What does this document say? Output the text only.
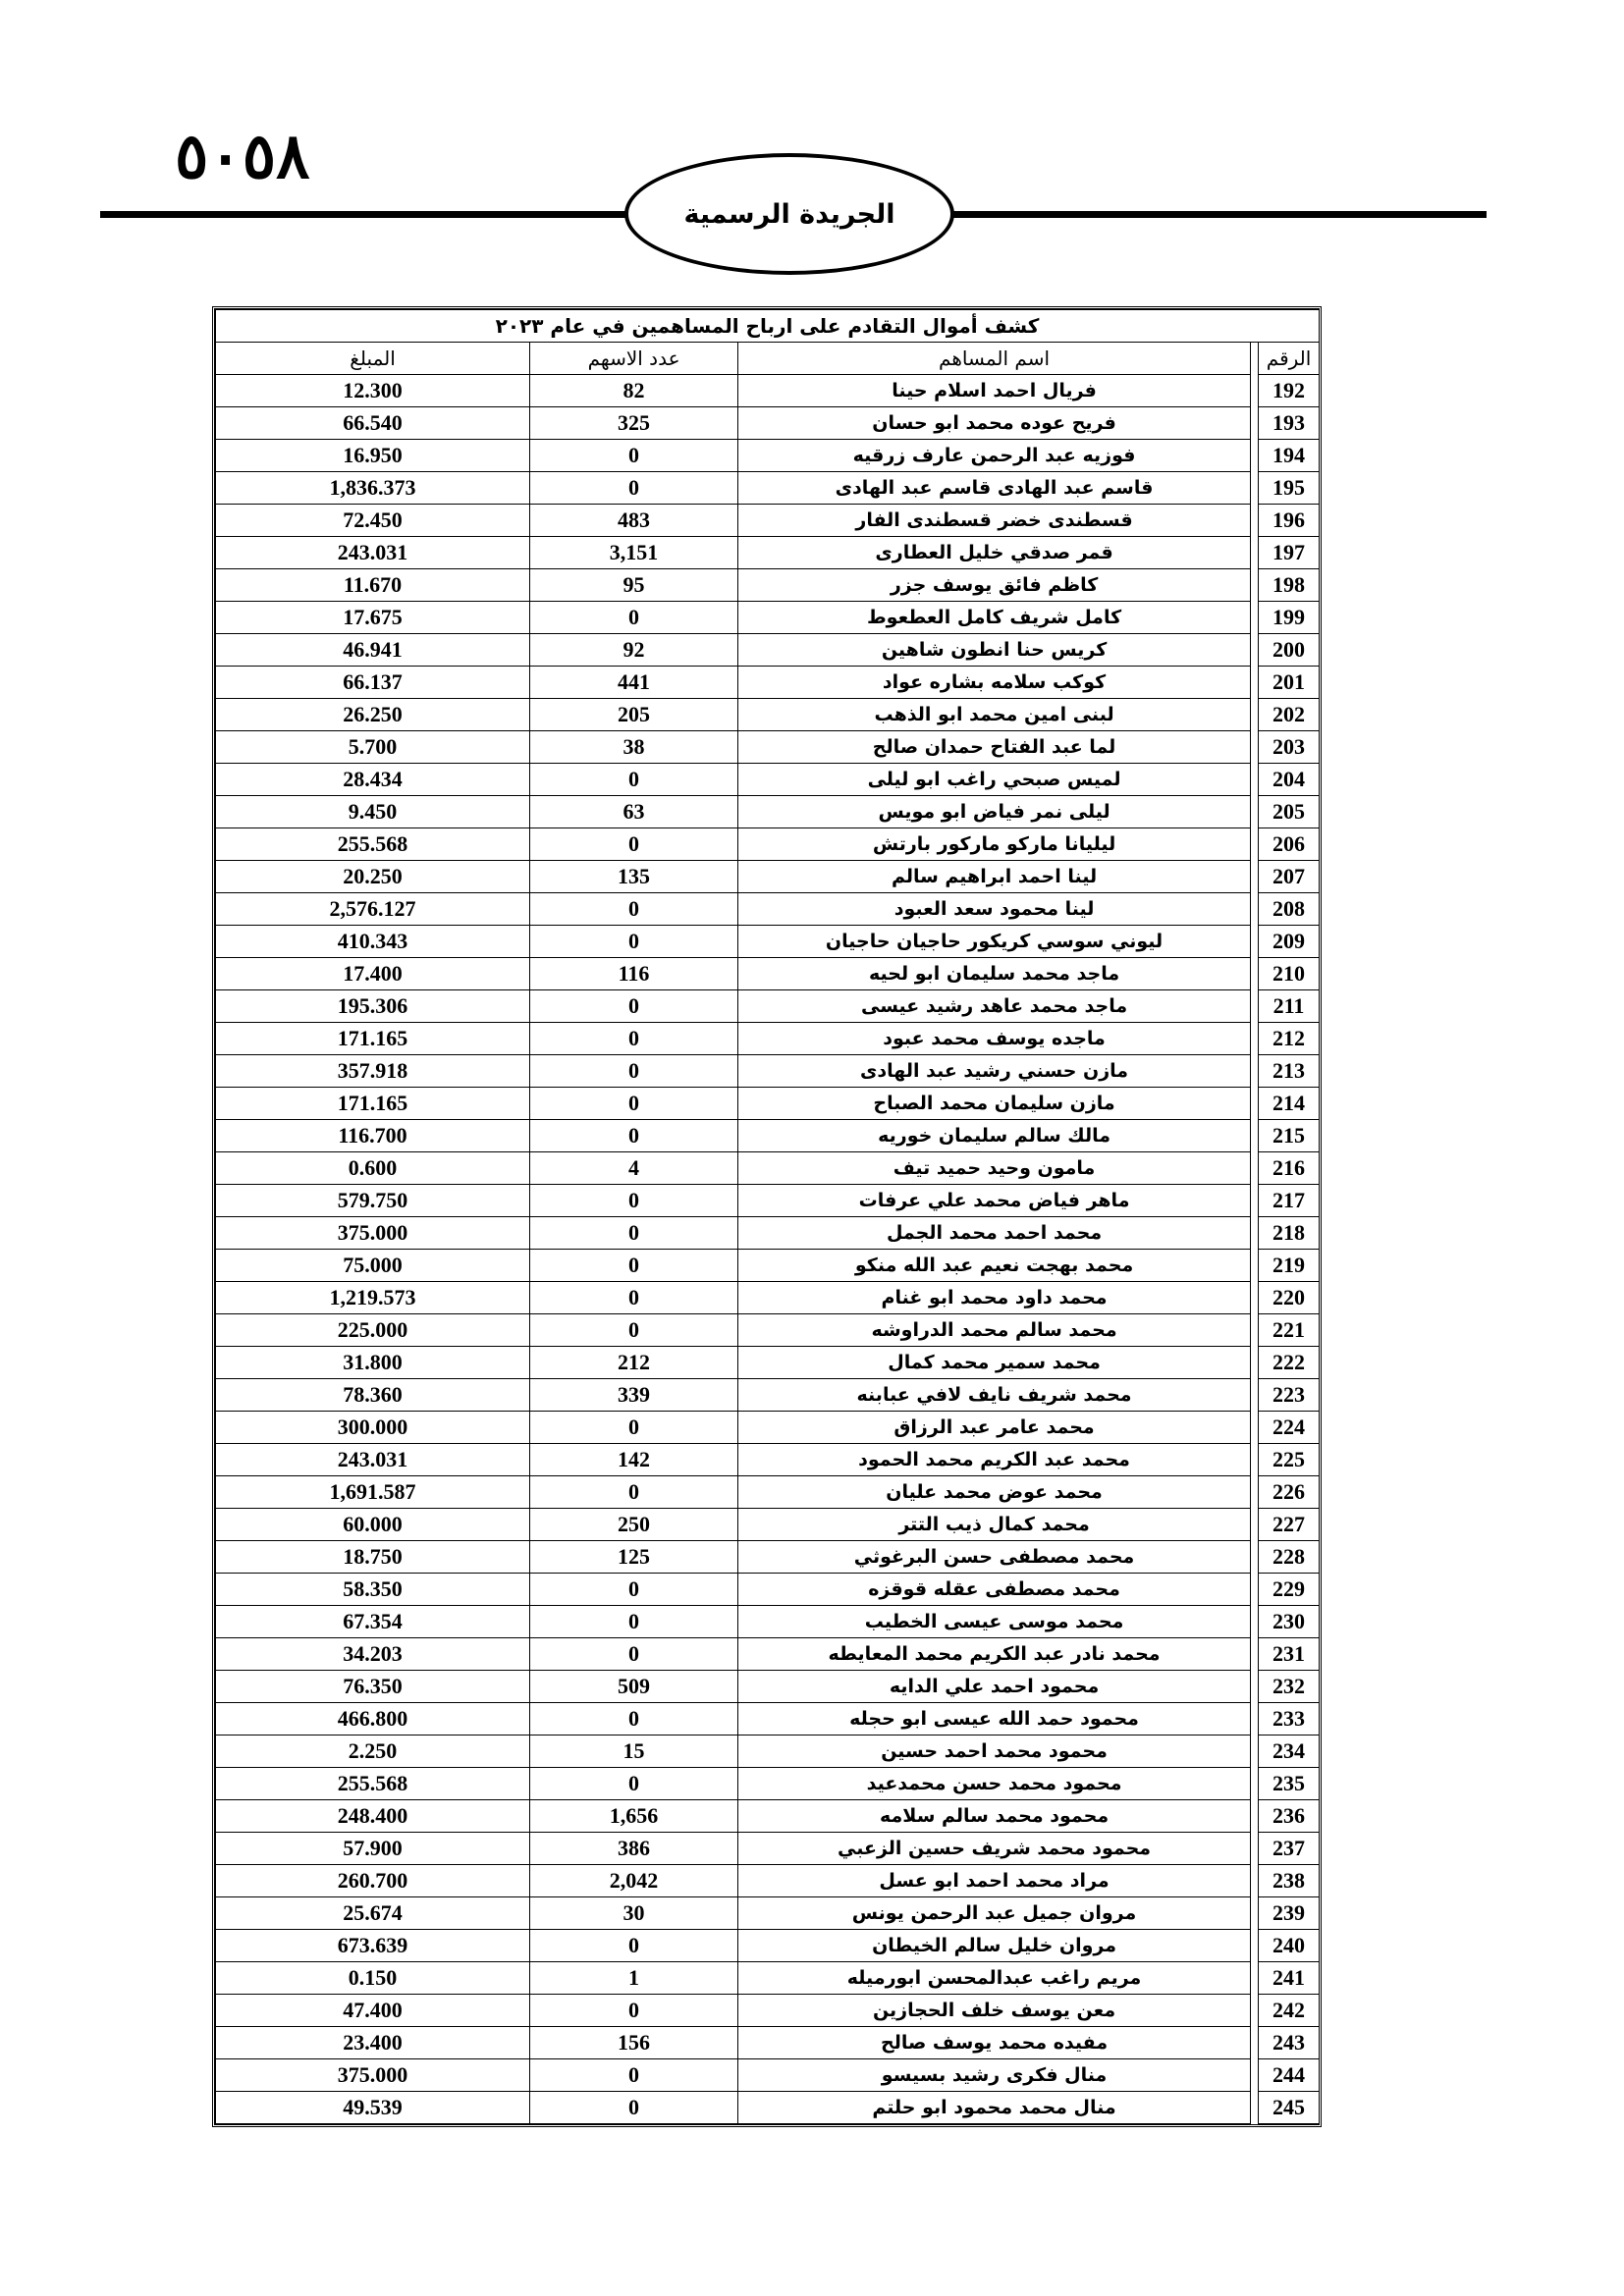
٥٠٥٨
الجريدة الرسمية
كشف أموال التقادم على ارباح المساهمين في عام ٢٠٢٣				
الرقم		اسم المساهم	عدد الاسهم	المبلغ
192		فريال احمد اسلام حينا	82	12.300
193		فريح عوده محمد ابو حسان	325	66.540
194		فوزيه عبد الرحمن عارف زرقيه	0	16.950
195		قاسم عبد الهادى قاسم عبد الهادى	0	1,836.373
196		قسطندى خضر قسطندى الفار	483	72.450
197		قمر صدقي خليل العطارى	3,151	243.031
198		كاظم فائق يوسف جزر	95	11.670
199		كامل شريف كامل العطعوط	0	17.675
200		كريس حنا انطون شاهين	92	46.941
201		كوكب سلامه بشاره عواد	441	66.137
202		لبنى امين محمد ابو الذهب	205	26.250
203		لما عبد الفتاح حمدان صالح	38	5.700
204		لميس صبحي راغب ابو ليلى	0	28.434
205		ليلى نمر فياض ابو مويس	63	9.450
206		ليليانا ماركو ماركور بارتش	0	255.568
207		لينا احمد ابراهيم سالم	135	20.250
208		لينا محمود سعد العبود	0	2,576.127
209		ليوني سوسي كريكور حاجيان حاجيان	0	410.343
210		ماجد محمد سليمان ابو لحيه	116	17.400
211		ماجد محمد عاهد رشيد عيسى	0	195.306
212		ماجده يوسف محمد عبود	0	171.165
213		مازن حسني رشيد عبد الهادى	0	357.918
214		مازن سليمان محمد الصباح	0	171.165
215		مالك سالم سليمان خوريه	0	116.700
216		مامون وحيد حميد تيف	4	0.600
217		ماهر فياض محمد علي عرفات	0	579.750
218		محمد احمد محمد الجمل	0	375.000
219		محمد بهجت نعيم عبد الله منكو	0	75.000
220		محمد داود محمد ابو غنام	0	1,219.573
221		محمد سالم محمد الدراوشه	0	225.000
222		محمد سمير محمد كمال	212	31.800
223		محمد شريف نايف لافي عبابنه	339	78.360
224		محمد عامر عبد الرزاق	0	300.000
225		محمد عبد الكريم محمد الحمود	142	243.031
226		محمد عوض محمد عليان	0	1,691.587
227		محمد كمال ذيب التتر	250	60.000
228		محمد مصطفى حسن البرغوثي	125	18.750
229		محمد مصطفى عقله قوقزه	0	58.350
230		محمد موسى عيسى الخطيب	0	67.354
231		محمد نادر عبد الكريم محمد المعايطه	0	34.203
232		محمود احمد علي الدايه	509	76.350
233		محمود حمد الله عيسى ابو حجله	0	466.800
234		محمود محمد احمد حسين	15	2.250
235		محمود محمد حسن محمدعيد	0	255.568
236		محمود محمد سالم سلامه	1,656	248.400
237		محمود محمد شريف حسين الزعبي	386	57.900
238		مراد محمد احمد ابو عسل	2,042	260.700
239		مروان جميل عبد الرحمن يونس	30	25.674
240		مروان خليل سالم الخيطان	0	673.639
241		مريم راغب عبدالمحسن ابورميله	1	0.150
242		معن يوسف خلف الحجازين	0	47.400
243		مفيده محمد يوسف صالح	156	23.400
244		منال فكرى رشيد بسيسو	0	375.000
245		منال محمد محمود ابو حلتم	0	49.539
